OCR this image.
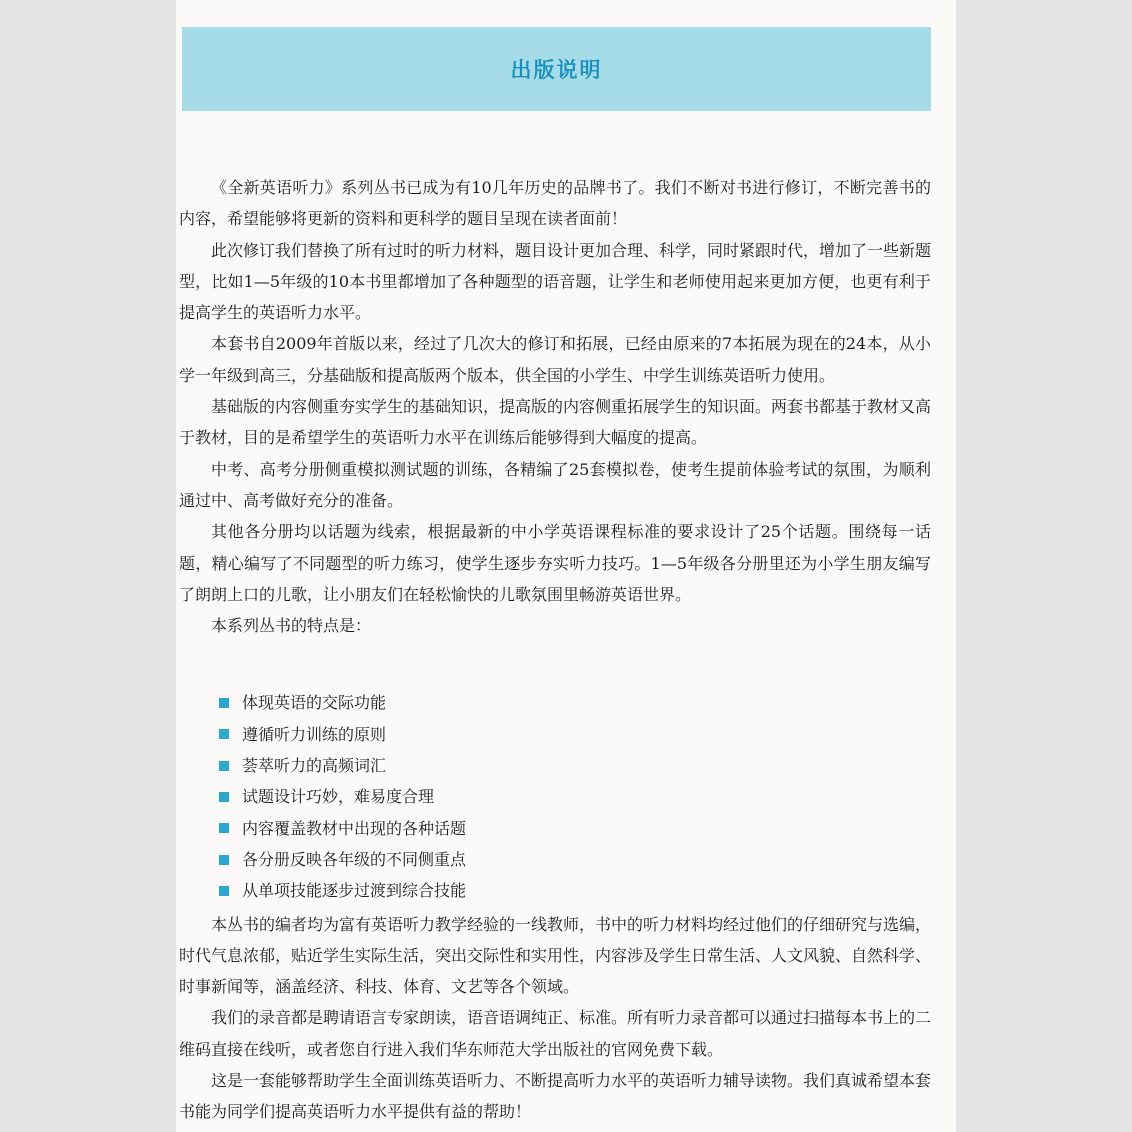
出版说明

《全新英语听力》系列丛书已成为有10几年历史的品牌书了。我们不断对书进行修订，不断完善书的内容，希望能够将更新的资料和更科学的题目呈现在读者面前！

此次修订我们替换了所有过时的听力材料，题目设计更加合理、科学，同时紧跟时代，增加了一些新题型，比如1—5年级的10本书里都增加了各种题型的语音题，让学生和老师使用起来更加方便，也更有利于提高学生的英语听力水平。

本套书自2009年首版以来，经过了几次大的修订和拓展，已经由原来的7本拓展为现在的24本，从小学一年级到高三，分基础版和提高版两个版本，供全国的小学生、中学生训练英语听力使用。

基础版的内容侧重夯实学生的基础知识，提高版的内容侧重拓展学生的知识面。两套书都基于教材又高于教材，目的是希望学生的英语听力水平在训练后能够得到大幅度的提高。

中考、高考分册侧重模拟测试题的训练，各精编了25套模拟卷，使考生提前体验考试的氛围，为顺利通过中、高考做好充分的准备。

其他各分册均以话题为线索，根据最新的中小学英语课程标准的要求设计了25个话题。围绕每一话题，精心编写了不同题型的听力练习，使学生逐步夯实听力技巧。1—5年级各分册里还为小学生朋友编写了朗朗上口的儿歌，让小朋友们在轻松愉快的儿歌氛围里畅游英语世界。

本系列丛书的特点是：

体现英语的交际功能
遵循听力训练的原则
荟萃听力的高频词汇
试题设计巧妙，难易度合理
内容覆盖教材中出现的各种话题
各分册反映各年级的不同侧重点
从单项技能逐步过渡到综合技能

本丛书的编者均为富有英语听力教学经验的一线教师，书中的听力材料均经过他们的仔细研究与选编，时代气息浓郁，贴近学生实际生活，突出交际性和实用性，内容涉及学生日常生活、人文风貌、自然科学、时事新闻等，涵盖经济、科技、体育、文艺等各个领域。

我们的录音都是聘请语言专家朗读，语音语调纯正、标准。所有听力录音都可以通过扫描每本书上的二维码直接在线听，或者您自行进入我们华东师范大学出版社的官网免费下载。

这是一套能够帮助学生全面训练英语听力、不断提高听力水平的英语听力辅导读物。我们真诚希望本套书能为同学们提高英语听力水平提供有益的帮助！
